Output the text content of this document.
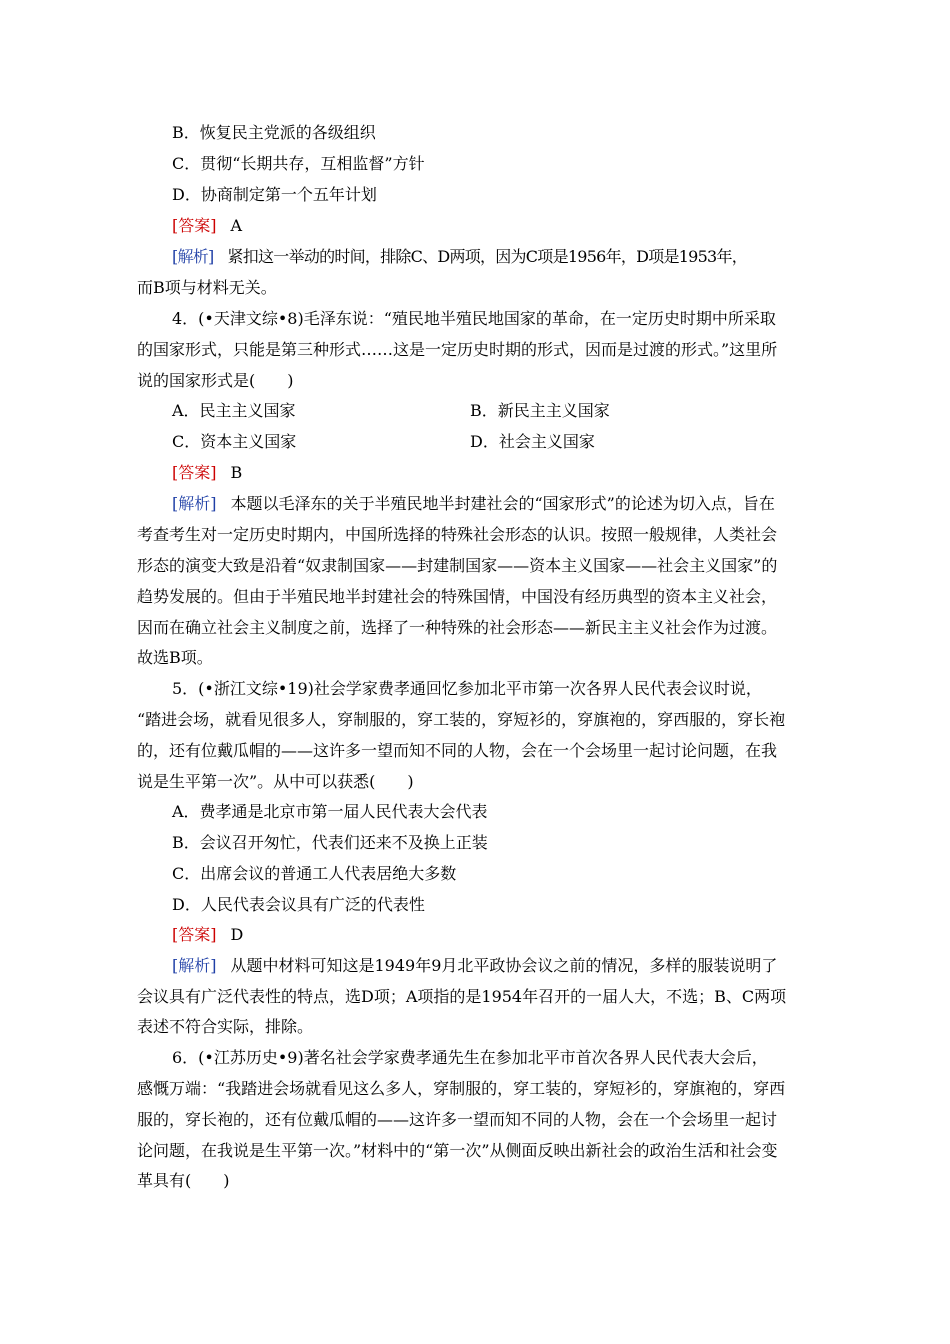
B．恢复民主党派的各级组织
C．贯彻“长期共存，互相监督”方针
D．协商制定第一个五年计划
[答案] A
[解析] 紧扣这一举动的时间，排除C、D两项，因为C项是1956年，D项是1953年，
而B项与材料无关。
4．(•天津文综•8)毛泽东说：“殖民地半殖民地国家的革命，在一定历史时期中所采取
的国家形式，只能是第三种形式……这是一定历史时期的形式，因而是过渡的形式。”这里所
说的国家形式是(　　)
A．民主主义国家	B．新民主主义国家
C．资本主义国家	D．社会主义国家
[答案] B
[解析] 本题以毛泽东的关于半殖民地半封建社会的“国家形式”的论述为切入点，旨在
考查考生对一定历史时期内，中国所选择的特殊社会形态的认识。按照一般规律，人类社会
形态的演变大致是沿着“奴隶制国家——封建制国家——资本主义国家——社会主义国家”的
趋势发展的。但由于半殖民地半封建社会的特殊国情，中国没有经历典型的资本主义社会，
因而在确立社会主义制度之前，选择了一种特殊的社会形态——新民主主义社会作为过渡。
故选B项。
5．(•浙江文综•19)社会学家费孝通回忆参加北平市第一次各界人民代表会议时说，
“踏进会场，就看见很多人，穿制服的，穿工装的，穿短衫的，穿旗袍的，穿西服的，穿长袍
的，还有位戴瓜帽的——这许多一望而知不同的人物，会在一个会场里一起讨论问题，在我
说是生平第一次”。从中可以获悉(　　)
A．费孝通是北京市第一届人民代表大会代表
B．会议召开匆忙，代表们还来不及换上正装
C．出席会议的普通工人代表居绝大多数
D．人民代表会议具有广泛的代表性
[答案] D
[解析] 从题中材料可知这是1949年9月北平政协会议之前的情况，多样的服装说明了
会议具有广泛代表性的特点，选D项；A项指的是1954年召开的一届人大，不选；B、C两项
表述不符合实际，排除。
6．(•江苏历史•9)著名社会学家费孝通先生在参加北平市首次各界人民代表大会后，
感慨万端：“我踏进会场就看见这么多人，穿制服的，穿工装的，穿短衫的，穿旗袍的，穿西
服的，穿长袍的，还有位戴瓜帽的——这许多一望而知不同的人物，会在一个会场里一起讨
论问题，在我说是生平第一次。”材料中的“第一次”从侧面反映出新社会的政治生活和社会变
革具有(　　)
